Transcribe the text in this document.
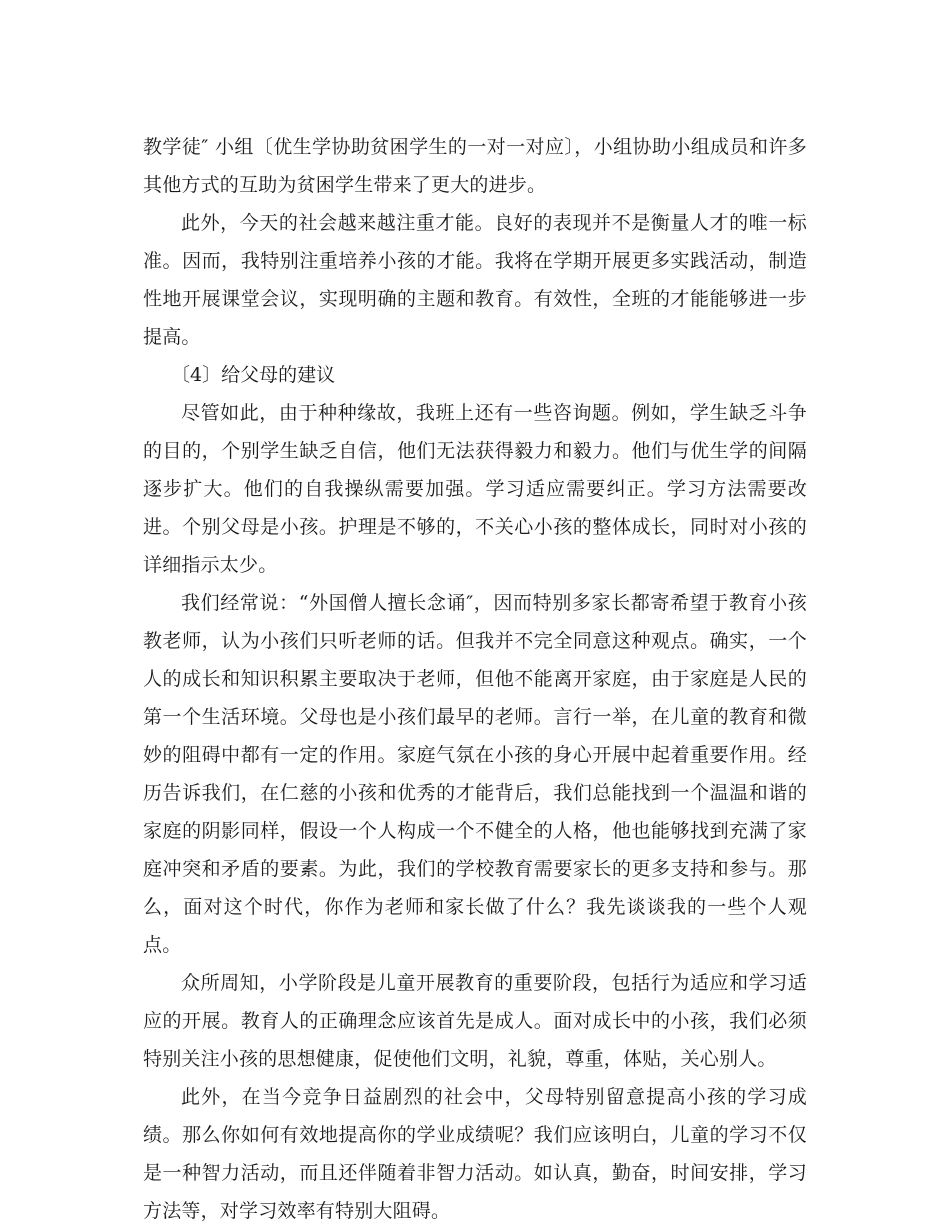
教学徒″ 小组〔优生学协助贫困学生的一对一对应〕，小组协助小组成员和许多其他方式的互助为贫困学生带来了更大的进步。

此外，今天的社会越来越注重才能。良好的表现并不是衡量人才的唯一标准。因而，我特别注重培养小孩的才能。我将在学期开展更多实践活动，制造性地开展课堂会议，实现明确的主题和教育。有效性，全班的才能能够进一步提高。

〔4〕给父母的建议

尽管如此，由于种种缘故，我班上还有一些咨询题。例如，学生缺乏斗争的目的，个别学生缺乏自信，他们无法获得毅力和毅力。他们与优生学的间隔逐步扩大。他们的自我操纵需要加强。学习适应需要纠正。学习方法需要改进。个别父母是小孩。护理是不够的，不关心小孩的整体成长，同时对小孩的详细指示太少。

我们经常说：“外国僧人擅长念诵″，因而特别多家长都寄希望于教育小孩教老师，认为小孩们只听老师的话。但我并不完全同意这种观点。确实，一个人的成长和知识积累主要取决于老师，但他不能离开家庭，由于家庭是人民的第一个生活环境。父母也是小孩们最早的老师。言行一举，在儿童的教育和微妙的阻碍中都有一定的作用。家庭气氛在小孩的身心开展中起着重要作用。经历告诉我们，在仁慈的小孩和优秀的才能背后，我们总能找到一个温温和谐的家庭的阴影同样，假设一个人构成一个不健全的人格，他也能够找到充满了家庭冲突和矛盾的要素。为此，我们的学校教育需要家长的更多支持和参与。那么，面对这个时代，你作为老师和家长做了什么？我先谈谈我的一些个人观点。

众所周知，小学阶段是儿童开展教育的重要阶段，包括行为适应和学习适应的开展。教育人的正确理念应该首先是成人。面对成长中的小孩，我们必须特别关注小孩的思想健康，促使他们文明，礼貌，尊重，体贴，关心别人。

此外，在当今竞争日益剧烈的社会中，父母特别留意提高小孩的学习成绩。那么你如何有效地提高你的学业成绩呢？我们应该明白，儿童的学习不仅是一种智力活动，而且还伴随着非智力活动。如认真，勤奋，时间安排，学习方法等，对学习效率有特别大阻碍。
